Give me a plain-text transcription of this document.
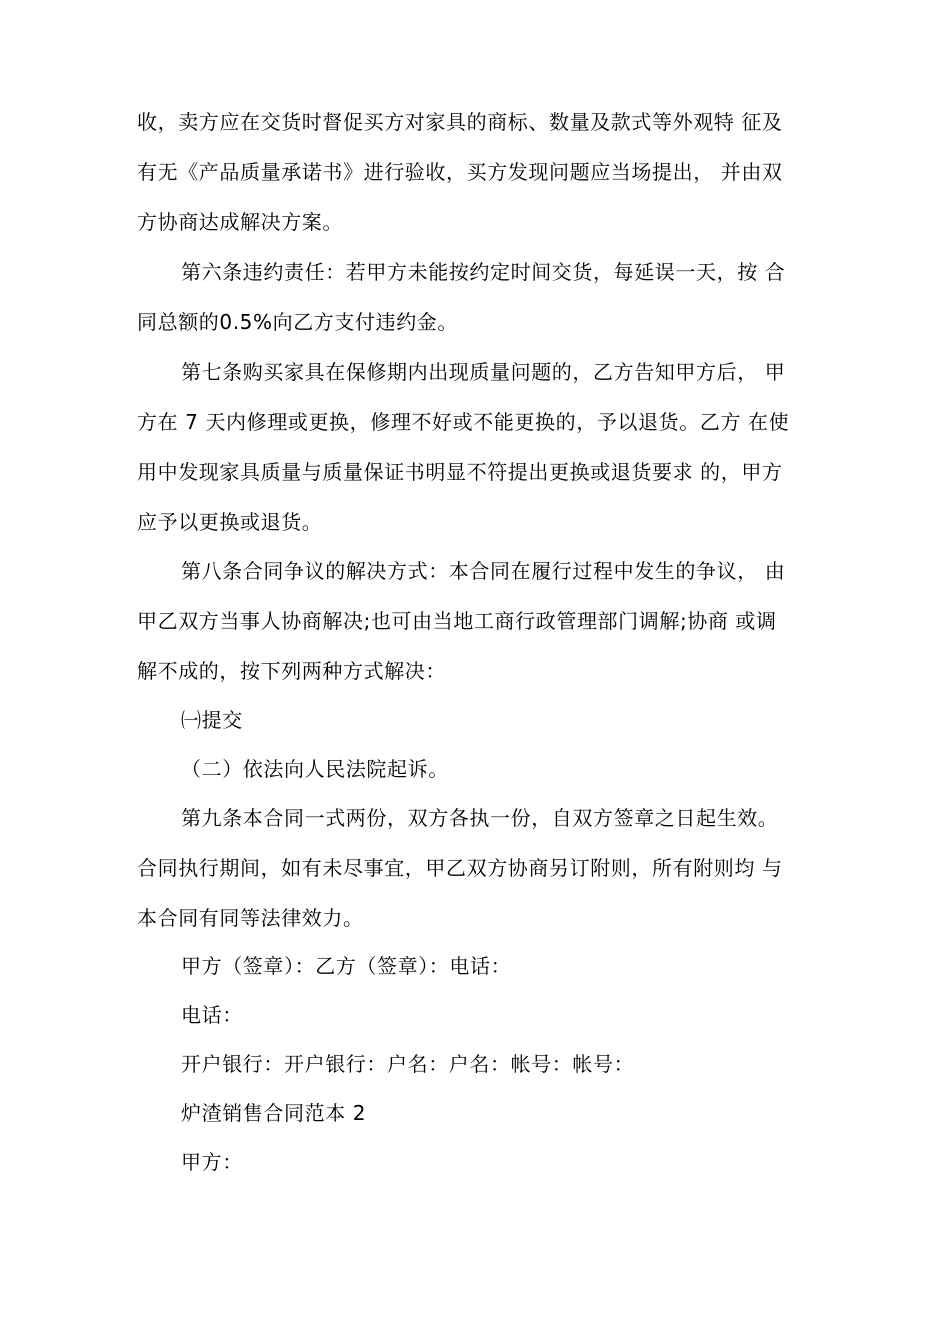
收，卖方应在交货时督促买方对家具的商标、数量及款式等外观特 征及
有无《产品质量承诺书》进行验收，买方发现问题应当场提出， 并由双
方协商达成解决方案。
第六条违约责任：若甲方未能按约定时间交货，每延误一天，按 合
同总额的0.5%向乙方支付违约金。
第七条购买家具在保修期内出现质量问题的，乙方告知甲方后， 甲
方在 7 天内修理或更换，修理不好或不能更换的，予以退货。乙方 在使
用中发现家具质量与质量保证书明显不符提出更换或退货要求 的，甲方
应予以更换或退货。
第八条合同争议的解决方式：本合同在履行过程中发生的争议， 由
甲乙双方当事人协商解决;也可由当地工商行政管理部门调解;协商 或调
解不成的，按下列两种方式解决：
㈠提交
（二）依法向人民法院起诉。
第九条本合同一式两份，双方各执一份，自双方签章之日起生效。
合同执行期间，如有未尽事宜，甲乙双方协商另订附则，所有附则均 与
本合同有同等法律效力。
甲方（签章）：乙方（签章）：电话：
电话：
开户银行：开户银行：户名：户名：帐号：帐号：
炉渣销售合同范本 2
甲方：
